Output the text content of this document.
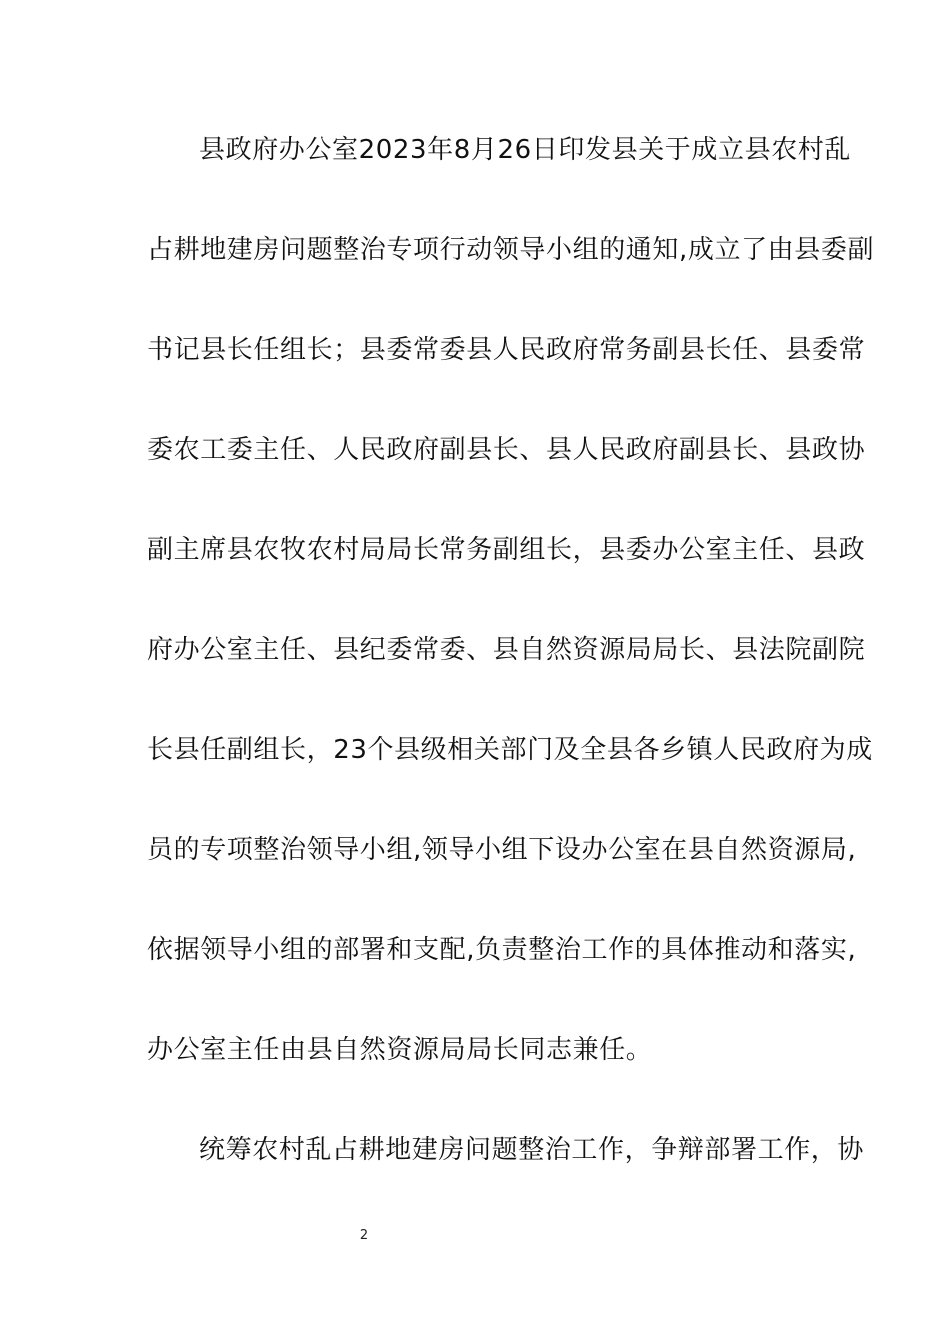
县政府办公室2023年8月26日印发县关于成立县农村乱
占耕地建房问题整治专项行动领导小组的通知,成立了由县委副
书记县长任组长；县委常委县人民政府常务副县长任、县委常
委农工委主任、人民政府副县长、县人民政府副县长、县政协
副主席县农牧农村局局长常务副组长，县委办公室主任、县政
府办公室主任、县纪委常委、县自然资源局局长、县法院副院
长县任副组长，23个县级相关部门及全县各乡镇人民政府为成
员的专项整治领导小组,领导小组下设办公室在县自然资源局,
依据领导小组的部署和支配,负责整治工作的具体推动和落实,
办公室主任由县自然资源局局长同志兼任。
统筹农村乱占耕地建房问题整治工作，争辩部署工作，协
2
